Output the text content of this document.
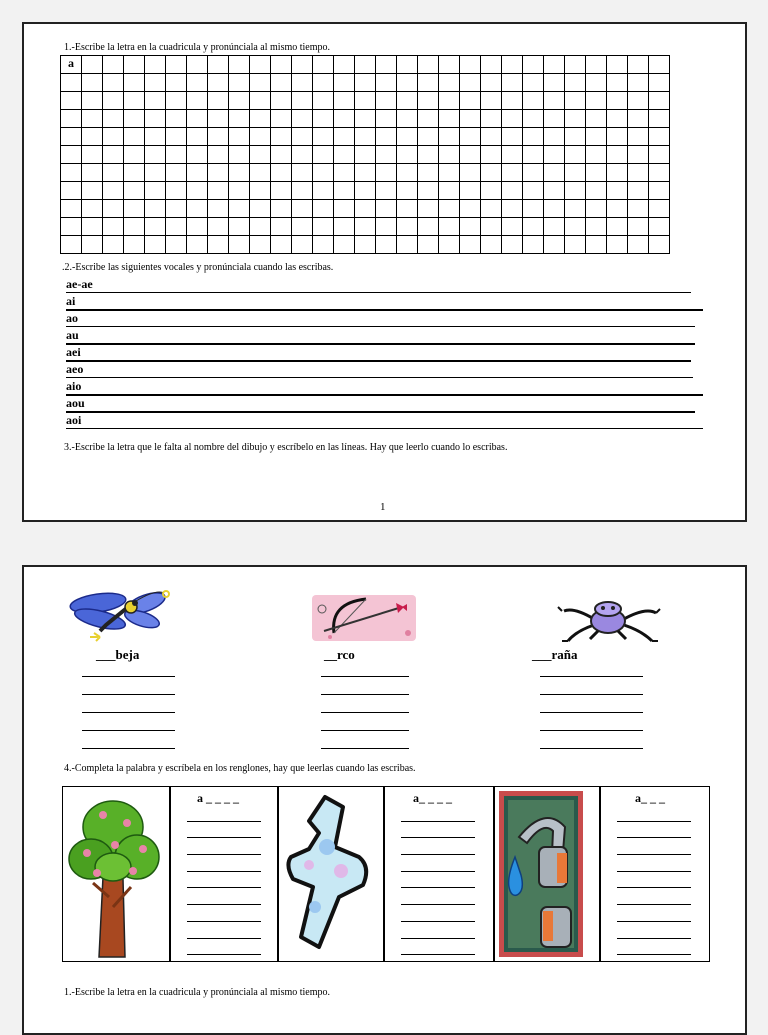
1.-Escribe la letra en la cuadricula y pronúnciala al mismo tiempo.
a																												

.2.-Escribe las siguientes vocales y pronúnciala cuando las escribas.
ae-ae
ai
ao
au
aei
aeo
aio
aou
aoi
3.-Escribe la letra que le falta al nombre del dibujo y escríbelo en las líneas. Hay que leerlo cuando lo escribas.
1
___beja	__rco	___raña
4.-Completa la palabra y escríbela en los renglones, hay que leerlas cuando las escribas.
a _ _ _ _	a_ _ _ _	a_ _ _
1.-Escribe la letra en la cuadricula y pronúnciala al mismo tiempo.
